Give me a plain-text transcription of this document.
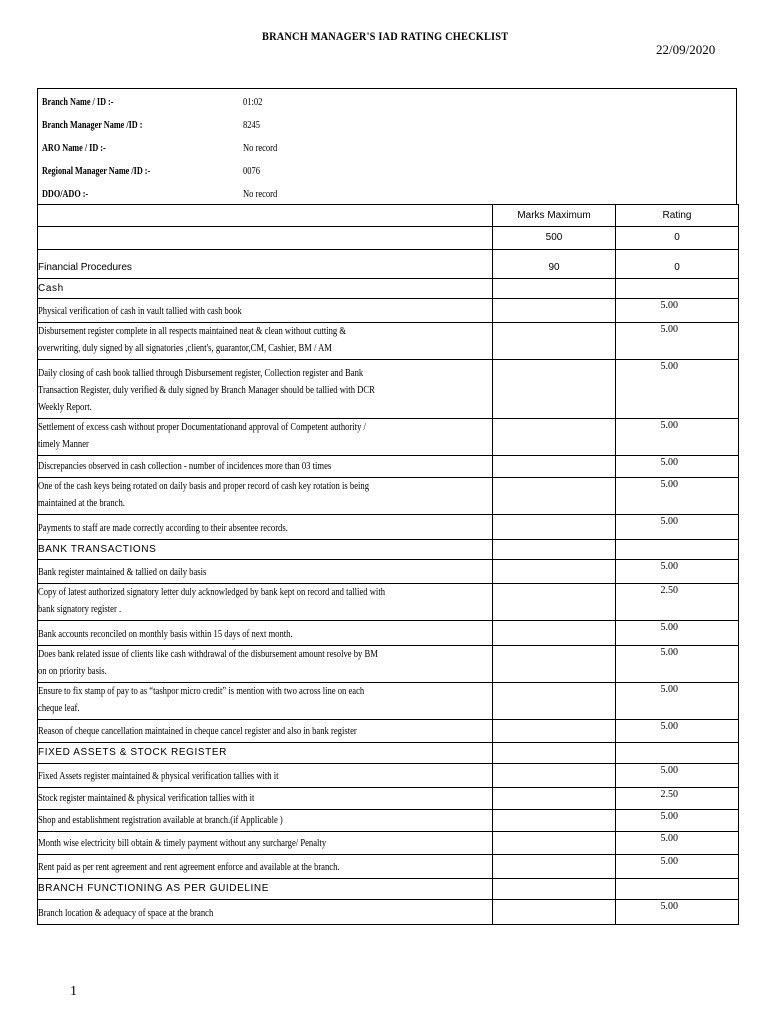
BRANCH MANAGER'S IAD RATING CHECKLIST
22/09/2020
Branch Name / ID :-	01:02
Branch Manager Name /ID :	8245
ARO Name / ID :-	No record
Regional Manager Name /ID :-	0076
DDO/ADO :-	No record
	Marks Maximum	Rating
	500	0
Financial Procedures	90	0
Cash		

Physical verification of cash in vault tallied with cash book		5.00

Disbursement register complete in all respects maintained neat & clean without cutting &
overwriting, duly signed by all signatories ,client's, guarantor,CM, Cashier, BM / AM		5.00

Daily closing of cash book tallied through Disbursement register, Collection register and Bank
Transaction Register, duly verified & duly signed by Branch Manager should be tallied with DCR
Weekly Report.		5.00

Settlement of excess cash without proper Documentationand approval of Competent authority /
timely Manner		5.00

Discrepancies observed in cash collection - number of incidences more than 03 times		5.00

One of the cash keys being rotated on daily basis and proper record of cash key rotation is being
maintained at the branch.		5.00

Payments to staff are made correctly according to their absentee records.		5.00

BANK TRANSACTIONS		

Bank register maintained & tallied on daily basis		5.00

Copy of latest authorized signatory letter duly acknowledged by bank kept on record and tallied with
bank signatory register .		2.50

Bank accounts reconciled on monthly basis within 15 days of next month.		5.00

Does bank related issue of clients like cash withdrawal of the disbursement amount resolve by BM
on on priority basis.		5.00

Ensure to fix stamp of pay to as “tashpor micro credit” is mention with two across line on each
cheque leaf.		5.00

Reason of cheque cancellation maintained in cheque cancel register and also in bank register		5.00

FIXED ASSETS & STOCK REGISTER		

Fixed Assets register maintained & physical verification tallies with it		5.00

Stock register maintained & physical verification tallies with it		2.50

Shop and establishment registration available at branch.(if Applicable )		5.00

Month wise electricity bill obtain & timely payment without any surcharge/ Penalty		5.00

Rent paid as per rent agreement and rent agreement enforce and available at the branch.		5.00

BRANCH FUNCTIONING AS PER GUIDELINE		

Branch location & adequacy of space at the branch		5.00
1
